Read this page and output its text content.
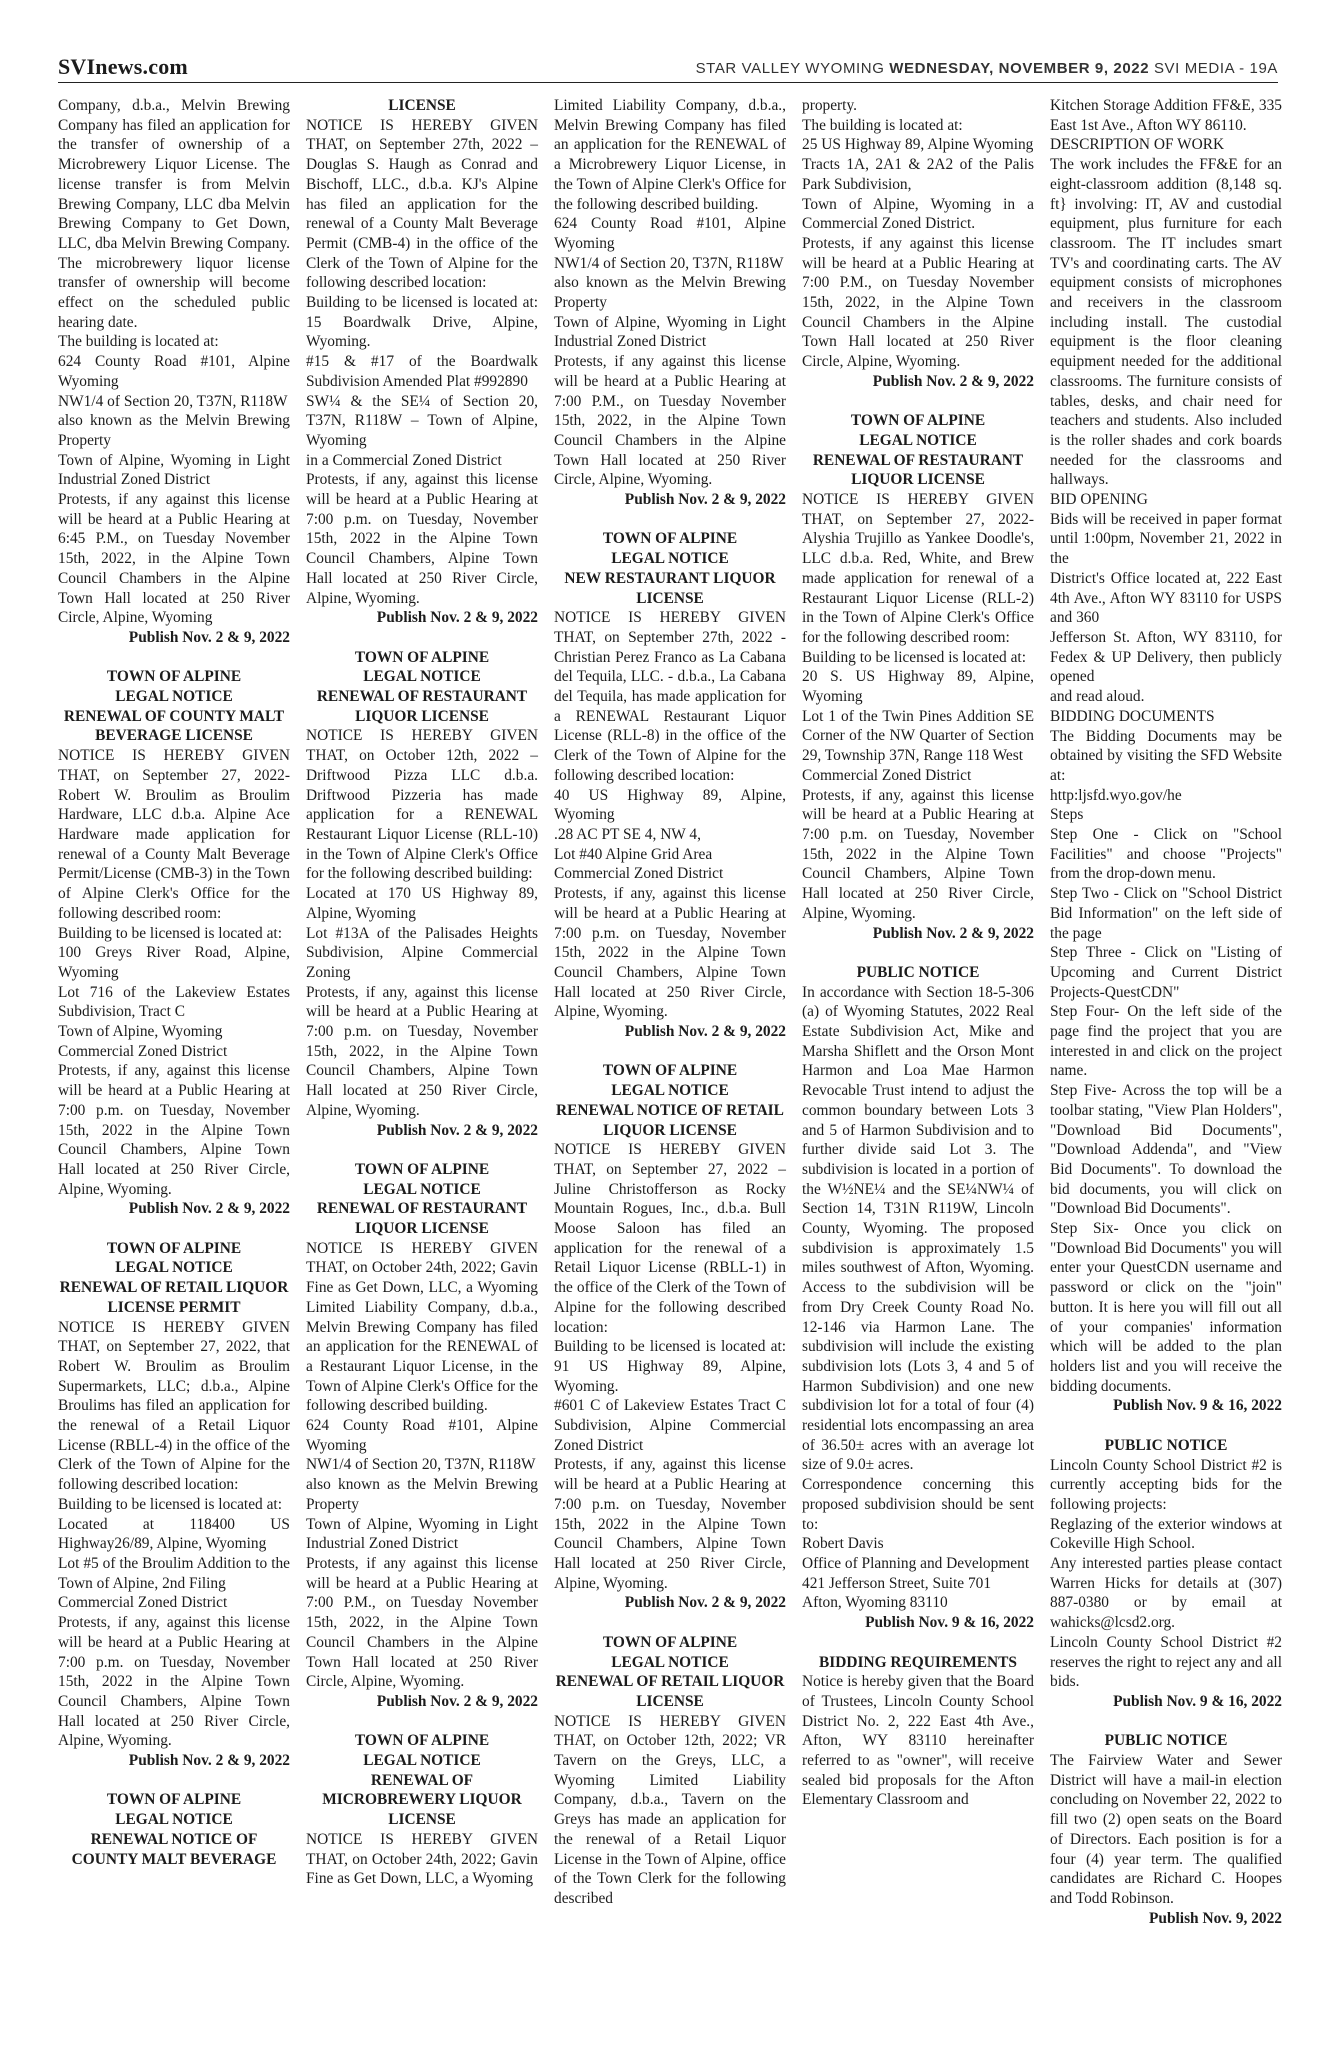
SVInews.com	STAR VALLEY WYOMING WEDNESDAY, NOVEMBER 9, 2022 SVI MEDIA - 19A

Company, d.b.a., Melvin Brewing Company has filed an application for the transfer of ownership of a Microbrewery Liquor License. The license transfer is from Melvin Brewing Company, LLC dba Melvin Brewing Company to Get Down, LLC, dba Melvin Brewing Company. The microbrewery liquor license transfer of ownership will become effect on the scheduled public hearing date.
The building is located at:
624 County Road #101, Alpine Wyoming
NW1/4 of Section 20, T37N, R118W
also known as the Melvin Brewing Property
Town of Alpine, Wyoming in Light Industrial Zoned District
Protests, if any against this license will be heard at a Public Hearing at 6:45 P.M., on Tuesday November 15th, 2022, in the Alpine Town Council Chambers in the Alpine Town Hall located at 250 River Circle, Alpine, Wyoming

Publish Nov. 2 & 9, 2022

TOWN OF ALPINE
LEGAL NOTICE
RENEWAL OF COUNTY MALT BEVERAGE LICENSE

NOTICE IS HEREBY GIVEN THAT, on September 27, 2022- Robert W. Broulim as Broulim Hardware, LLC d.b.a. Alpine Ace Hardware made application for renewal of a County Malt Beverage Permit/License (CMB-3) in the Town of Alpine Clerk's Office for the following described room:
Building to be licensed is located at:
100 Greys River Road, Alpine, Wyoming
Lot 716 of the Lakeview Estates Subdivision, Tract C
Town of Alpine, Wyoming
Commercial Zoned District
Protests, if any, against this license will be heard at a Public Hearing at 7:00 p.m. on Tuesday, November 15th, 2022 in the Alpine Town Council Chambers, Alpine Town Hall located at 250 River Circle, Alpine, Wyoming.

Publish Nov. 2 & 9, 2022

TOWN OF ALPINE
LEGAL NOTICE
RENEWAL OF RETAIL LIQUOR LICENSE PERMIT

NOTICE IS HEREBY GIVEN THAT, on September 27, 2022, that Robert W. Broulim as Broulim Supermarkets, LLC; d.b.a., Alpine Broulims has filed an application for the renewal of a Retail Liquor License (RBLL-4) in the office of the Clerk of the Town of Alpine for the following described location:
Building to be licensed is located at:
Located at 118400 US Highway26/89, Alpine, Wyoming
Lot #5 of the Broulim Addition to the Town of Alpine, 2nd Filing
Commercial Zoned District
Protests, if any, against this license will be heard at a Public Hearing at 7:00 p.m. on Tuesday, November 15th, 2022 in the Alpine Town Council Chambers, Alpine Town Hall located at 250 River Circle, Alpine, Wyoming.

Publish Nov. 2 & 9, 2022

TOWN OF ALPINE
LEGAL NOTICE
RENEWAL NOTICE OF COUNTY MALT BEVERAGE

LICENSE

NOTICE IS HEREBY GIVEN THAT, on September 27th, 2022 – Douglas S. Haugh as Conrad and Bischoff, LLC., d.b.a. KJ's Alpine has filed an application for the renewal of a County Malt Beverage Permit (CMB-4) in the office of the Clerk of the Town of Alpine for the following described location:
Building to be licensed is located at: 15 Boardwalk Drive, Alpine, Wyoming.
#15 & #17 of the Boardwalk Subdivision Amended Plat #992890
SW¼ & the SE¼ of Section 20, T37N, R118W – Town of Alpine, Wyoming
in a Commercial Zoned District
Protests, if any, against this license will be heard at a Public Hearing at 7:00 p.m. on Tuesday, November 15th, 2022 in the Alpine Town Council Chambers, Alpine Town Hall located at 250 River Circle, Alpine, Wyoming.

Publish Nov. 2 & 9, 2022

TOWN OF ALPINE
LEGAL NOTICE
RENEWAL OF RESTAURANT LIQUOR LICENSE

NOTICE IS HEREBY GIVEN THAT, on October 12th, 2022 –Driftwood Pizza LLC d.b.a. Driftwood Pizzeria has made application for a RENEWAL Restaurant Liquor License (RLL-10) in the Town of Alpine Clerk's Office for the following described building:
Located at 170 US Highway 89, Alpine, Wyoming
Lot #13A of the Palisades Heights Subdivision, Alpine Commercial Zoning
Protests, if any, against this license will be heard at a Public Hearing at 7:00 p.m. on Tuesday, November 15th, 2022, in the Alpine Town Council Chambers, Alpine Town Hall located at 250 River Circle, Alpine, Wyoming.

Publish Nov. 2 & 9, 2022

TOWN OF ALPINE
LEGAL NOTICE
RENEWAL OF RESTAURANT LIQUOR LICENSE

NOTICE IS HEREBY GIVEN THAT, on October 24th, 2022; Gavin Fine as Get Down, LLC, a Wyoming Limited Liability Company, d.b.a., Melvin Brewing Company has filed an application for the RENEWAL of a Restaurant Liquor License, in the Town of Alpine Clerk's Office for the following described building.
624 County Road #101, Alpine Wyoming
NW1/4 of Section 20, T37N, R118W
also known as the Melvin Brewing Property
Town of Alpine, Wyoming in Light Industrial Zoned District
Protests, if any against this license will be heard at a Public Hearing at 7:00 P.M., on Tuesday November 15th, 2022, in the Alpine Town Council Chambers in the Alpine Town Hall located at 250 River Circle, Alpine, Wyoming.

Publish Nov. 2 & 9, 2022

TOWN OF ALPINE
LEGAL NOTICE
RENEWAL OF MICROBREWERY LIQUOR LICENSE

NOTICE IS HEREBY GIVEN THAT, on October 24th, 2022; Gavin Fine as Get Down, LLC, a Wyoming

Limited Liability Company, d.b.a., Melvin Brewing Company has filed an application for the RENEWAL of a Microbrewery Liquor License, in the Town of Alpine Clerk's Office for the following described building.
624 County Road #101, Alpine Wyoming
NW1/4 of Section 20, T37N, R118W
also known as the Melvin Brewing Property
Town of Alpine, Wyoming in Light Industrial Zoned District
Protests, if any against this license will be heard at a Public Hearing at 7:00 P.M., on Tuesday November 15th, 2022, in the Alpine Town Council Chambers in the Alpine Town Hall located at 250 River Circle, Alpine, Wyoming.

Publish Nov. 2 & 9, 2022

TOWN OF ALPINE
LEGAL NOTICE
NEW RESTAURANT LIQUOR LICENSE

NOTICE IS HEREBY GIVEN THAT, on September 27th, 2022 - Christian Perez Franco as La Cabana del Tequila, LLC. - d.b.a., La Cabana del Tequila, has made application for a RENEWAL Restaurant Liquor License (RLL-8) in the office of the Clerk of the Town of Alpine for the following described location:
40 US Highway 89, Alpine, Wyoming
.28 AC PT SE 4, NW 4,
Lot #40 Alpine Grid Area
Commercial Zoned District
Protests, if any, against this license will be heard at a Public Hearing at 7:00 p.m. on Tuesday, November 15th, 2022 in the Alpine Town Council Chambers, Alpine Town Hall located at 250 River Circle, Alpine, Wyoming.

Publish Nov. 2 & 9, 2022

TOWN OF ALPINE
LEGAL NOTICE
RENEWAL NOTICE OF RETAIL LIQUOR LICENSE

NOTICE IS HEREBY GIVEN THAT, on September 27, 2022 – Juline Christofferson as Rocky Mountain Rogues, Inc., d.b.a. Bull Moose Saloon has filed an application for the renewal of a Retail Liquor License (RBLL-1) in the office of the Clerk of the Town of Alpine for the following described location:
Building to be licensed is located at: 91 US Highway 89, Alpine, Wyoming.
#601 C of Lakeview Estates Tract C Subdivision, Alpine Commercial Zoned District
Protests, if any, against this license will be heard at a Public Hearing at 7:00 p.m. on Tuesday, November 15th, 2022 in the Alpine Town Council Chambers, Alpine Town Hall located at 250 River Circle, Alpine, Wyoming.

Publish Nov. 2 & 9, 2022

TOWN OF ALPINE
LEGAL NOTICE
RENEWAL OF RETAIL LIQUOR LICENSE

NOTICE IS HEREBY GIVEN THAT, on October 12th, 2022; VR Tavern on the Greys, LLC, a Wyoming Limited Liability Company, d.b.a., Tavern on the Greys has made an application for the renewal of a Retail Liquor License in the Town of Alpine, office of the Town Clerk for the following described

property.
The building is located at:
25 US Highway 89, Alpine Wyoming
Tracts 1A, 2A1 & 2A2 of the Palis Park Subdivision,
Town of Alpine, Wyoming in a Commercial Zoned District.
Protests, if any against this license will be heard at a Public Hearing at 7:00 P.M., on Tuesday November 15th, 2022, in the Alpine Town Council Chambers in the Alpine Town Hall located at 250 River Circle, Alpine, Wyoming.

Publish Nov. 2 & 9, 2022

TOWN OF ALPINE
LEGAL NOTICE
RENEWAL OF RESTAURANT LIQUOR LICENSE

NOTICE IS HEREBY GIVEN THAT, on September 27, 2022- Alyshia Trujillo as Yankee Doodle's, LLC d.b.a. Red, White, and Brew made application for renewal of a Restaurant Liquor License (RLL-2) in the Town of Alpine Clerk's Office for the following described room:
Building to be licensed is located at:
20 S. US Highway 89, Alpine, Wyoming
Lot 1 of the Twin Pines Addition SE Corner of the NW Quarter of Section 29, Township 37N, Range 118 West
Commercial Zoned District
Protests, if any, against this license will be heard at a Public Hearing at 7:00 p.m. on Tuesday, November 15th, 2022 in the Alpine Town Council Chambers, Alpine Town Hall located at 250 River Circle, Alpine, Wyoming.

Publish Nov. 2 & 9, 2022

PUBLIC NOTICE

In accordance with Section 18-5-306 (a) of Wyoming Statutes, 2022 Real Estate Subdivision Act, Mike and Marsha Shiflett and the Orson Mont Harmon and Loa Mae Harmon Revocable Trust intend to adjust the common boundary between Lots 3 and 5 of Harmon Subdivision and to further divide said Lot 3. The subdivision is located in a portion of the W½NE¼ and the SE¼NW¼ of Section 14, T31N R119W, Lincoln County, Wyoming. The proposed subdivision is approximately 1.5 miles southwest of Afton, Wyoming. Access to the subdivision will be from Dry Creek County Road No. 12-146 via Harmon Lane. The subdivision will include the existing subdivision lots (Lots 3, 4 and 5 of Harmon Subdivision) and one new subdivision lot for a total of four (4) residential lots encompassing an area of 36.50± acres with an average lot size of 9.0± acres.
Correspondence concerning this proposed subdivision should be sent to:
Robert Davis
Office of Planning and Development
421 Jefferson Street, Suite 701
Afton, Wyoming 83110

Publish Nov. 9 & 16, 2022

BIDDING REQUIREMENTS

Notice is hereby given that the Board of Trustees, Lincoln County School District No. 2, 222 East 4th Ave., Afton, WY 83110 hereinafter referred to as "owner", will receive sealed bid proposals for the Afton Elementary Classroom and

Kitchen Storage Addition FF&E, 335 East 1st Ave., Afton WY 86110.
DESCRIPTION OF WORK
The work includes the FF&E for an eight-classroom addition (8,148 sq. ft} involving: IT, AV and custodial equipment, plus furniture for each classroom. The IT includes smart TV's and coordinating carts. The AV equipment consists of microphones and receivers in the classroom including install. The custodial equipment is the floor cleaning equipment needed for the additional classrooms. The furniture consists of tables, desks, and chair need for teachers and students. Also included is the roller shades and cork boards needed for the classrooms and hallways.
BID OPENING
Bids will be received in paper format until 1:00pm, November 21, 2022 in the
District's Office located at, 222 East 4th Ave., Afton WY 83110 for USPS and 360
Jefferson St. Afton, WY 83110, for Fedex & UP Delivery, then publicly opened
and read aloud.
BIDDING DOCUMENTS
The Bidding Documents may be obtained by visiting the SFD Website at:
http:ljsfd.wyo.gov/he
Steps
Step One - Click on "School Facilities" and choose "Projects" from the drop-down menu.
Step Two - Click on "School District Bid Information" on the left side of the page
Step Three - Click on "Listing of Upcoming and Current District Projects-QuestCDN"
Step Four- On the left side of the page find the project that you are interested in and click on the project name.
Step Five- Across the top will be a toolbar stating, "View Plan Holders", "Download Bid Documents", "Download Addenda", and "View Bid Documents". To download the bid documents, you will click on "Download Bid Documents".
Step Six- Once you click on "Download Bid Documents" you will enter your QuestCDN username and password or click on the "join" button. It is here you will fill out all of your companies' information which will be added to the plan holders list and you will receive the bidding documents.

Publish Nov. 9 & 16, 2022

PUBLIC NOTICE

Lincoln County School District #2 is currently accepting bids for the following projects:
Reglazing of the exterior windows at Cokeville High School.
Any interested parties please contact Warren Hicks for details at (307) 887-0380 or by email at wahicks@lcsd2.org.
Lincoln County School District #2 reserves the right to reject any and all bids.

Publish Nov. 9 & 16, 2022

PUBLIC NOTICE

The Fairview Water and Sewer District will have a mail-in election concluding on November 22, 2022 to fill two (2) open seats on the Board of Directors. Each position is for a four (4) year term. The qualified candidates are Richard C. Hoopes and Todd Robinson.

Publish Nov. 9, 2022
